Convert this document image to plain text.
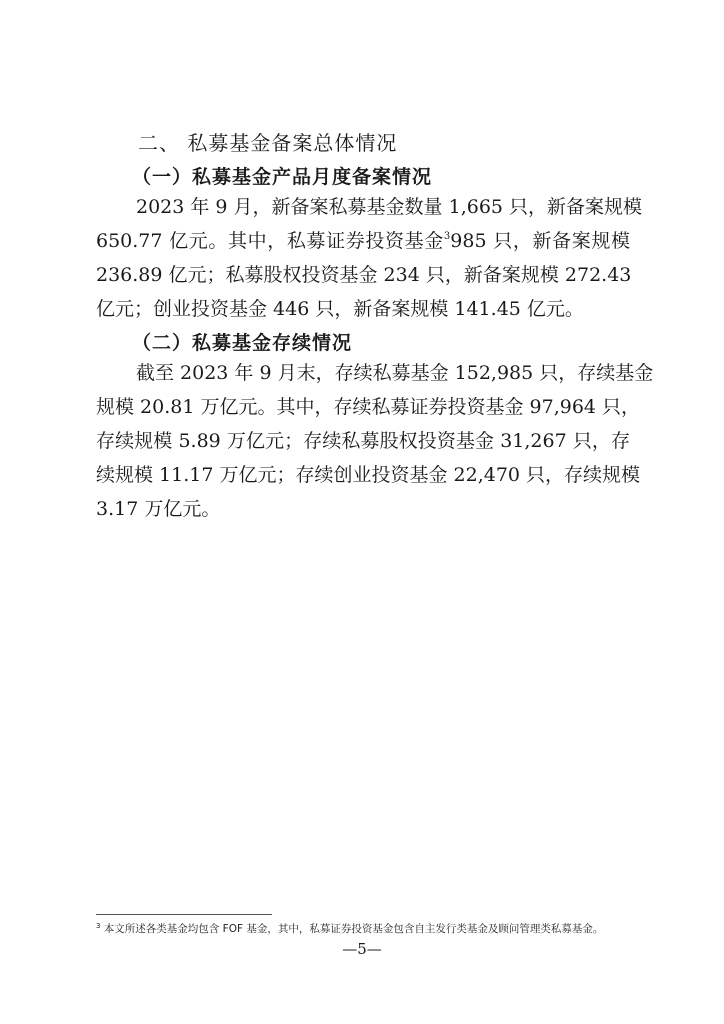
二、 私募基金备案总体情况
（一）私募基金产品月度备案情况
2023 年 9 月，新备案私募基金数量 1,665 只，新备案规模
650.77 亿元。其中，私募证券投资基金$^3$985 只，新备案规模
236.89 亿元；私募股权投资基金 234 只，新备案规模 272.43
亿元；创业投资基金 446 只，新备案规模 141.45 亿元。
（二）私募基金存续情况
截至 2023 年 9 月末，存续私募基金 152,985 只，存续基金
规模 20.81 万亿元。其中，存续私募证券投资基金 97,964 只，
存续规模 5.89 万亿元；存续私募股权投资基金 31,267 只，存
续规模 11.17 万亿元；存续创业投资基金 22,470 只，存续规模
3.17 万亿元。
$^3$ 本文所述各类基金均包含 FOF 基金，其中，私募证券投资基金包含自主发行类基金及顾问管理类私募基金。
—5—
